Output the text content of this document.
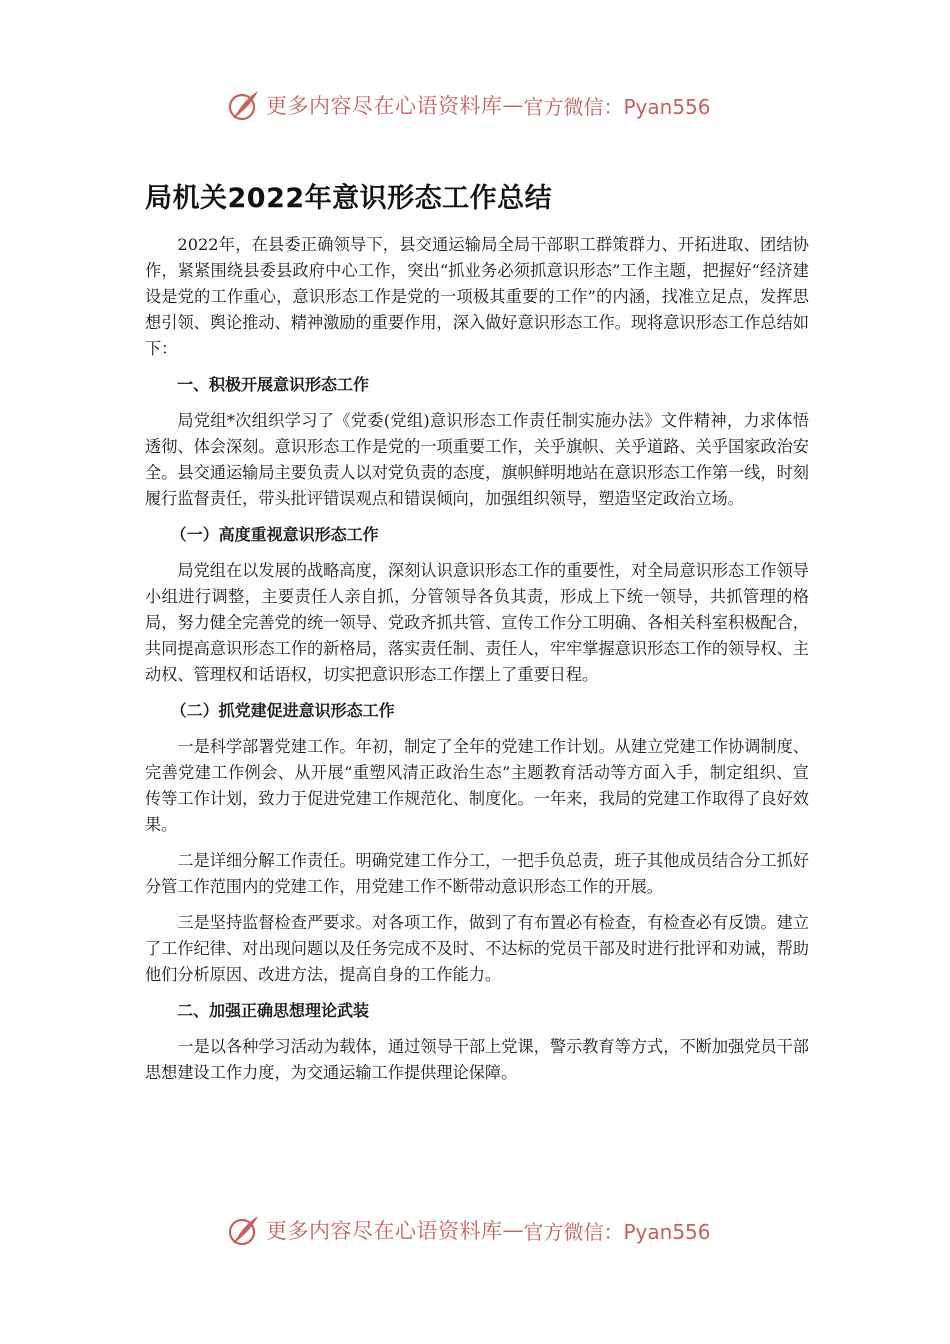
更多内容尽在心语资料库 — 官方微信：Pyan556
局机关2022年意识形态工作总结

2022年，在县委正确领导下，县交通运输局全局干部职工群策群力、开拓进取、团结协作，紧紧围绕县委县政府中心工作，突出“抓业务必须抓意识形态”工作主题，把握好“经济建设是党的工作重心，意识形态工作是党的一项极其重要的工作”的内涵，找准立足点，发挥思想引领、舆论推动、精神激励的重要作用，深入做好意识形态工作。现将意识形态工作总结如下：

一、积极开展意识形态工作

局党组*次组织学习了《党委(党组)意识形态工作责任制实施办法》文件精神，力求体悟透彻、体会深刻。意识形态工作是党的一项重要工作，关乎旗帜、关乎道路、关乎国家政治安全。县交通运输局主要负责人以对党负责的态度，旗帜鲜明地站在意识形态工作第一线，时刻履行监督责任，带头批评错误观点和错误倾向，加强组织领导，塑造坚定政治立场。

（一）高度重视意识形态工作

局党组在以发展的战略高度，深刻认识意识形态工作的重要性，对全局意识形态工作领导小组进行调整，主要责任人亲自抓，分管领导各负其责，形成上下统一领导，共抓管理的格局，努力健全完善党的统一领导、党政齐抓共管、宣传工作分工明确、各相关科室积极配合，共同提高意识形态工作的新格局，落实责任制、责任人，牢牢掌握意识形态工作的领导权、主动权、管理权和话语权，切实把意识形态工作摆上了重要日程。

（二）抓党建促进意识形态工作

一是科学部署党建工作。年初，制定了全年的党建工作计划。从建立党建工作协调制度、完善党建工作例会、从开展“重塑风清正政治生态”主题教育活动等方面入手，制定组织、宣传等工作计划，致力于促进党建工作规范化、制度化。一年来，我局的党建工作取得了良好效果。

二是详细分解工作责任。明确党建工作分工，一把手负总责，班子其他成员结合分工抓好分管工作范围内的党建工作，用党建工作不断带动意识形态工作的开展。

三是坚持监督检查严要求。对各项工作，做到了有布置必有检查，有检查必有反馈。建立了工作纪律、对出现问题以及任务完成不及时、不达标的党员干部及时进行批评和劝诫，帮助他们分析原因、改进方法，提高自身的工作能力。

二、加强正确思想理论武装

一是以各种学习活动为载体，通过领导干部上党课，警示教育等方式，不断加强党员干部思想建设工作力度，为交通运输工作提供理论保障。

更多内容尽在心语资料库 — 官方微信：Pyan556
